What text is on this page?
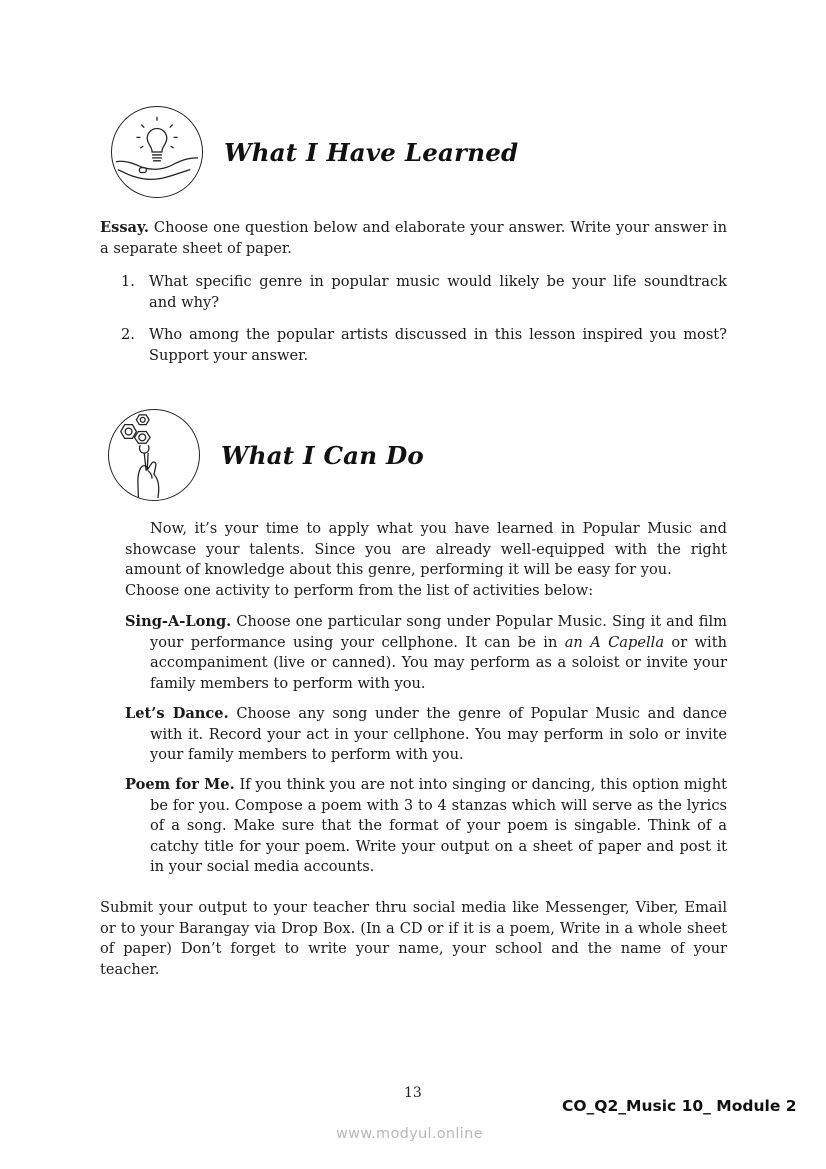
What I Have Learned
Essay. Choose one question below and elaborate your answer. Write your answer in a separate sheet of paper.
1. What specific genre in popular music would likely be your life soundtrack and why?
2. Who among the popular artists discussed in this lesson inspired you most? Support your answer.
What I Can Do
Now, it’s your time to apply what you have learned in Popular Music and showcase your talents. Since you are already well-equipped with the right amount of knowledge about this genre, performing it will be easy for you.
Choose one activity to perform from the list of activities below:
Sing-A-Long. Choose one particular song under Popular Music. Sing it and film your performance using your cellphone. It can be in an A Capella or with accompaniment (live or canned). You may perform as a soloist or invite your family members to perform with you.
Let’s Dance. Choose any song under the genre of Popular Music and dance with it. Record your act in your cellphone. You may perform in solo or invite your family members to perform with you.
Poem for Me. If you think you are not into singing or dancing, this option might be for you. Compose a poem with 3 to 4 stanzas which will serve as the lyrics of a song. Make sure that the format of your poem is singable. Think of a catchy title for your poem. Write your output on a sheet of paper and post it in your social media accounts.
Submit your output to your teacher thru social media like Messenger, Viber, Email or to your Barangay via Drop Box. (In a CD or if it is a poem, Write in a whole sheet of paper) Don’t forget to write your name, your school and the name of your teacher.
13
CO_Q2_Music 10_ Module 2
www.modyul.online
